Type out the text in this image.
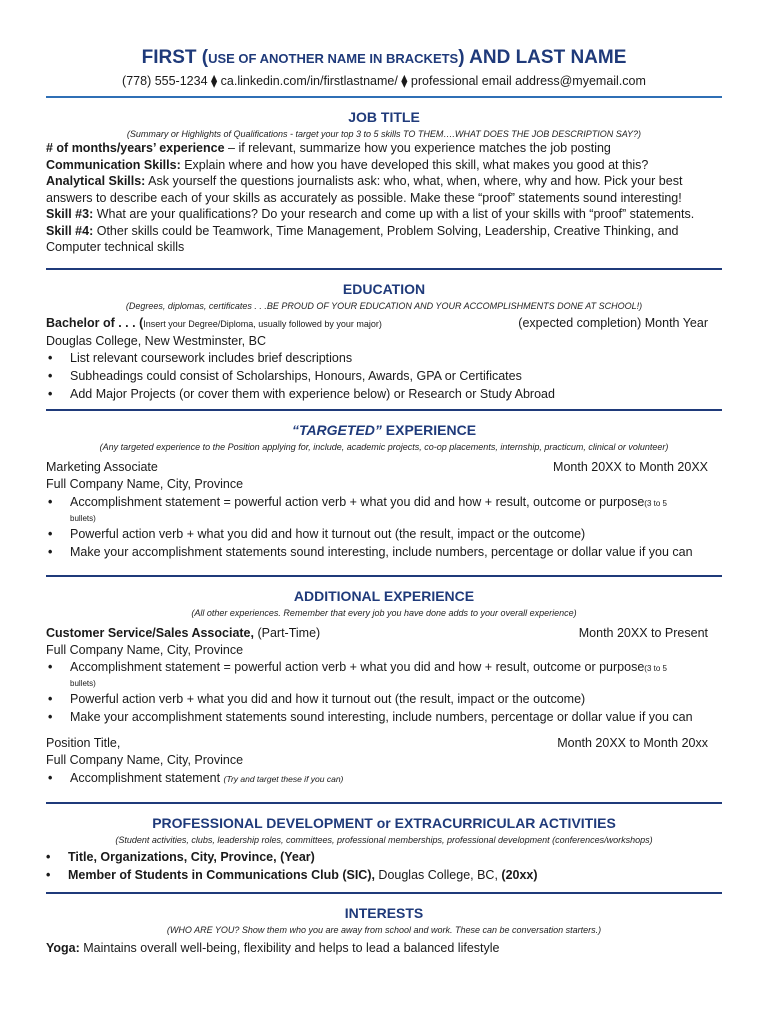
FIRST (USE OF ANOTHER NAME IN BRACKETS) AND LAST NAME
(778) 555-1234 ⧫ ca.linkedin.com/in/firstlastname/ ⧫ professional email address@myemail.com
JOB TITLE
(Summary or Highlights of Qualifications - target your top 3 to 5 skills TO THEM….WHAT DOES THE JOB DESCRIPTION SAY?)
# of months/years’ experience – if relevant, summarize how you experience matches the job posting
Communication Skills: Explain where and how you have developed this skill, what makes you good at this?
Analytical Skills: Ask yourself the questions journalists ask: who, what, when, where, why and how. Pick your best answers to describe each of your skills as accurately as possible. Make these “proof” statements sound interesting!
Skill #3: What are your qualifications? Do your research and come up with a list of your skills with “proof” statements.
Skill #4: Other skills could be Teamwork, Time Management, Problem Solving, Leadership, Creative Thinking, and Computer technical skills
EDUCATION
(Degrees, diplomas, certificates . . .BE PROUD OF YOUR EDUCATION AND YOUR ACCOMPLISHMENTS DONE AT SCHOOL!)
Bachelor of . . . (Insert your Degree/Diploma, usually followed by your major)	(expected completion) Month Year
Douglas College, New Westminster, BC
• List relevant coursework includes brief descriptions
• Subheadings could consist of Scholarships, Honours, Awards, GPA or Certificates
• Add Major Projects (or cover them with experience below) or Research or Study Abroad
“TARGETED” EXPERIENCE
(Any targeted experience to the Position applying for, include, academic projects, co-op placements, internship, practicum, clinical or volunteer)
Marketing Associate	Month 20XX to Month 20XX
Full Company Name, City, Province
• Accomplishment statement = powerful action verb + what you did and how + result, outcome or purpose(3 to 5
bullets)
• Powerful action verb + what you did and how it turnout out (the result, impact or the outcome)
• Make your accomplishment statements sound interesting, include numbers, percentage or dollar value if you can
ADDITIONAL EXPERIENCE
(All other experiences. Remember that every job you have done adds to your overall experience)
Customer Service/Sales Associate, (Part-Time)	Month 20XX to Present
Full Company Name, City, Province
• Accomplishment statement = powerful action verb + what you did and how + result, outcome or purpose(3 to 5
bullets)
• Powerful action verb + what you did and how it turnout out (the result, impact or the outcome)
• Make your accomplishment statements sound interesting, include numbers, percentage or dollar value if you can
Position Title,	Month 20XX to Month 20xx
Full Company Name, City, Province
• Accomplishment statement (Try and target these if you can)
PROFESSIONAL DEVELOPMENT or EXTRACURRICULAR ACTIVITIES
(Student activities, clubs, leadership roles, committees, professional memberships, professional development (conferences/workshops)
• Title, Organizations, City, Province, (Year)
• Member of Students in Communications Club (SIC), Douglas College, BC, (20xx)
INTERESTS
(WHO ARE YOU? Show them who you are away from school and work. These can be conversation starters.)
Yoga: Maintains overall well-being, flexibility and helps to lead a balanced lifestyle
